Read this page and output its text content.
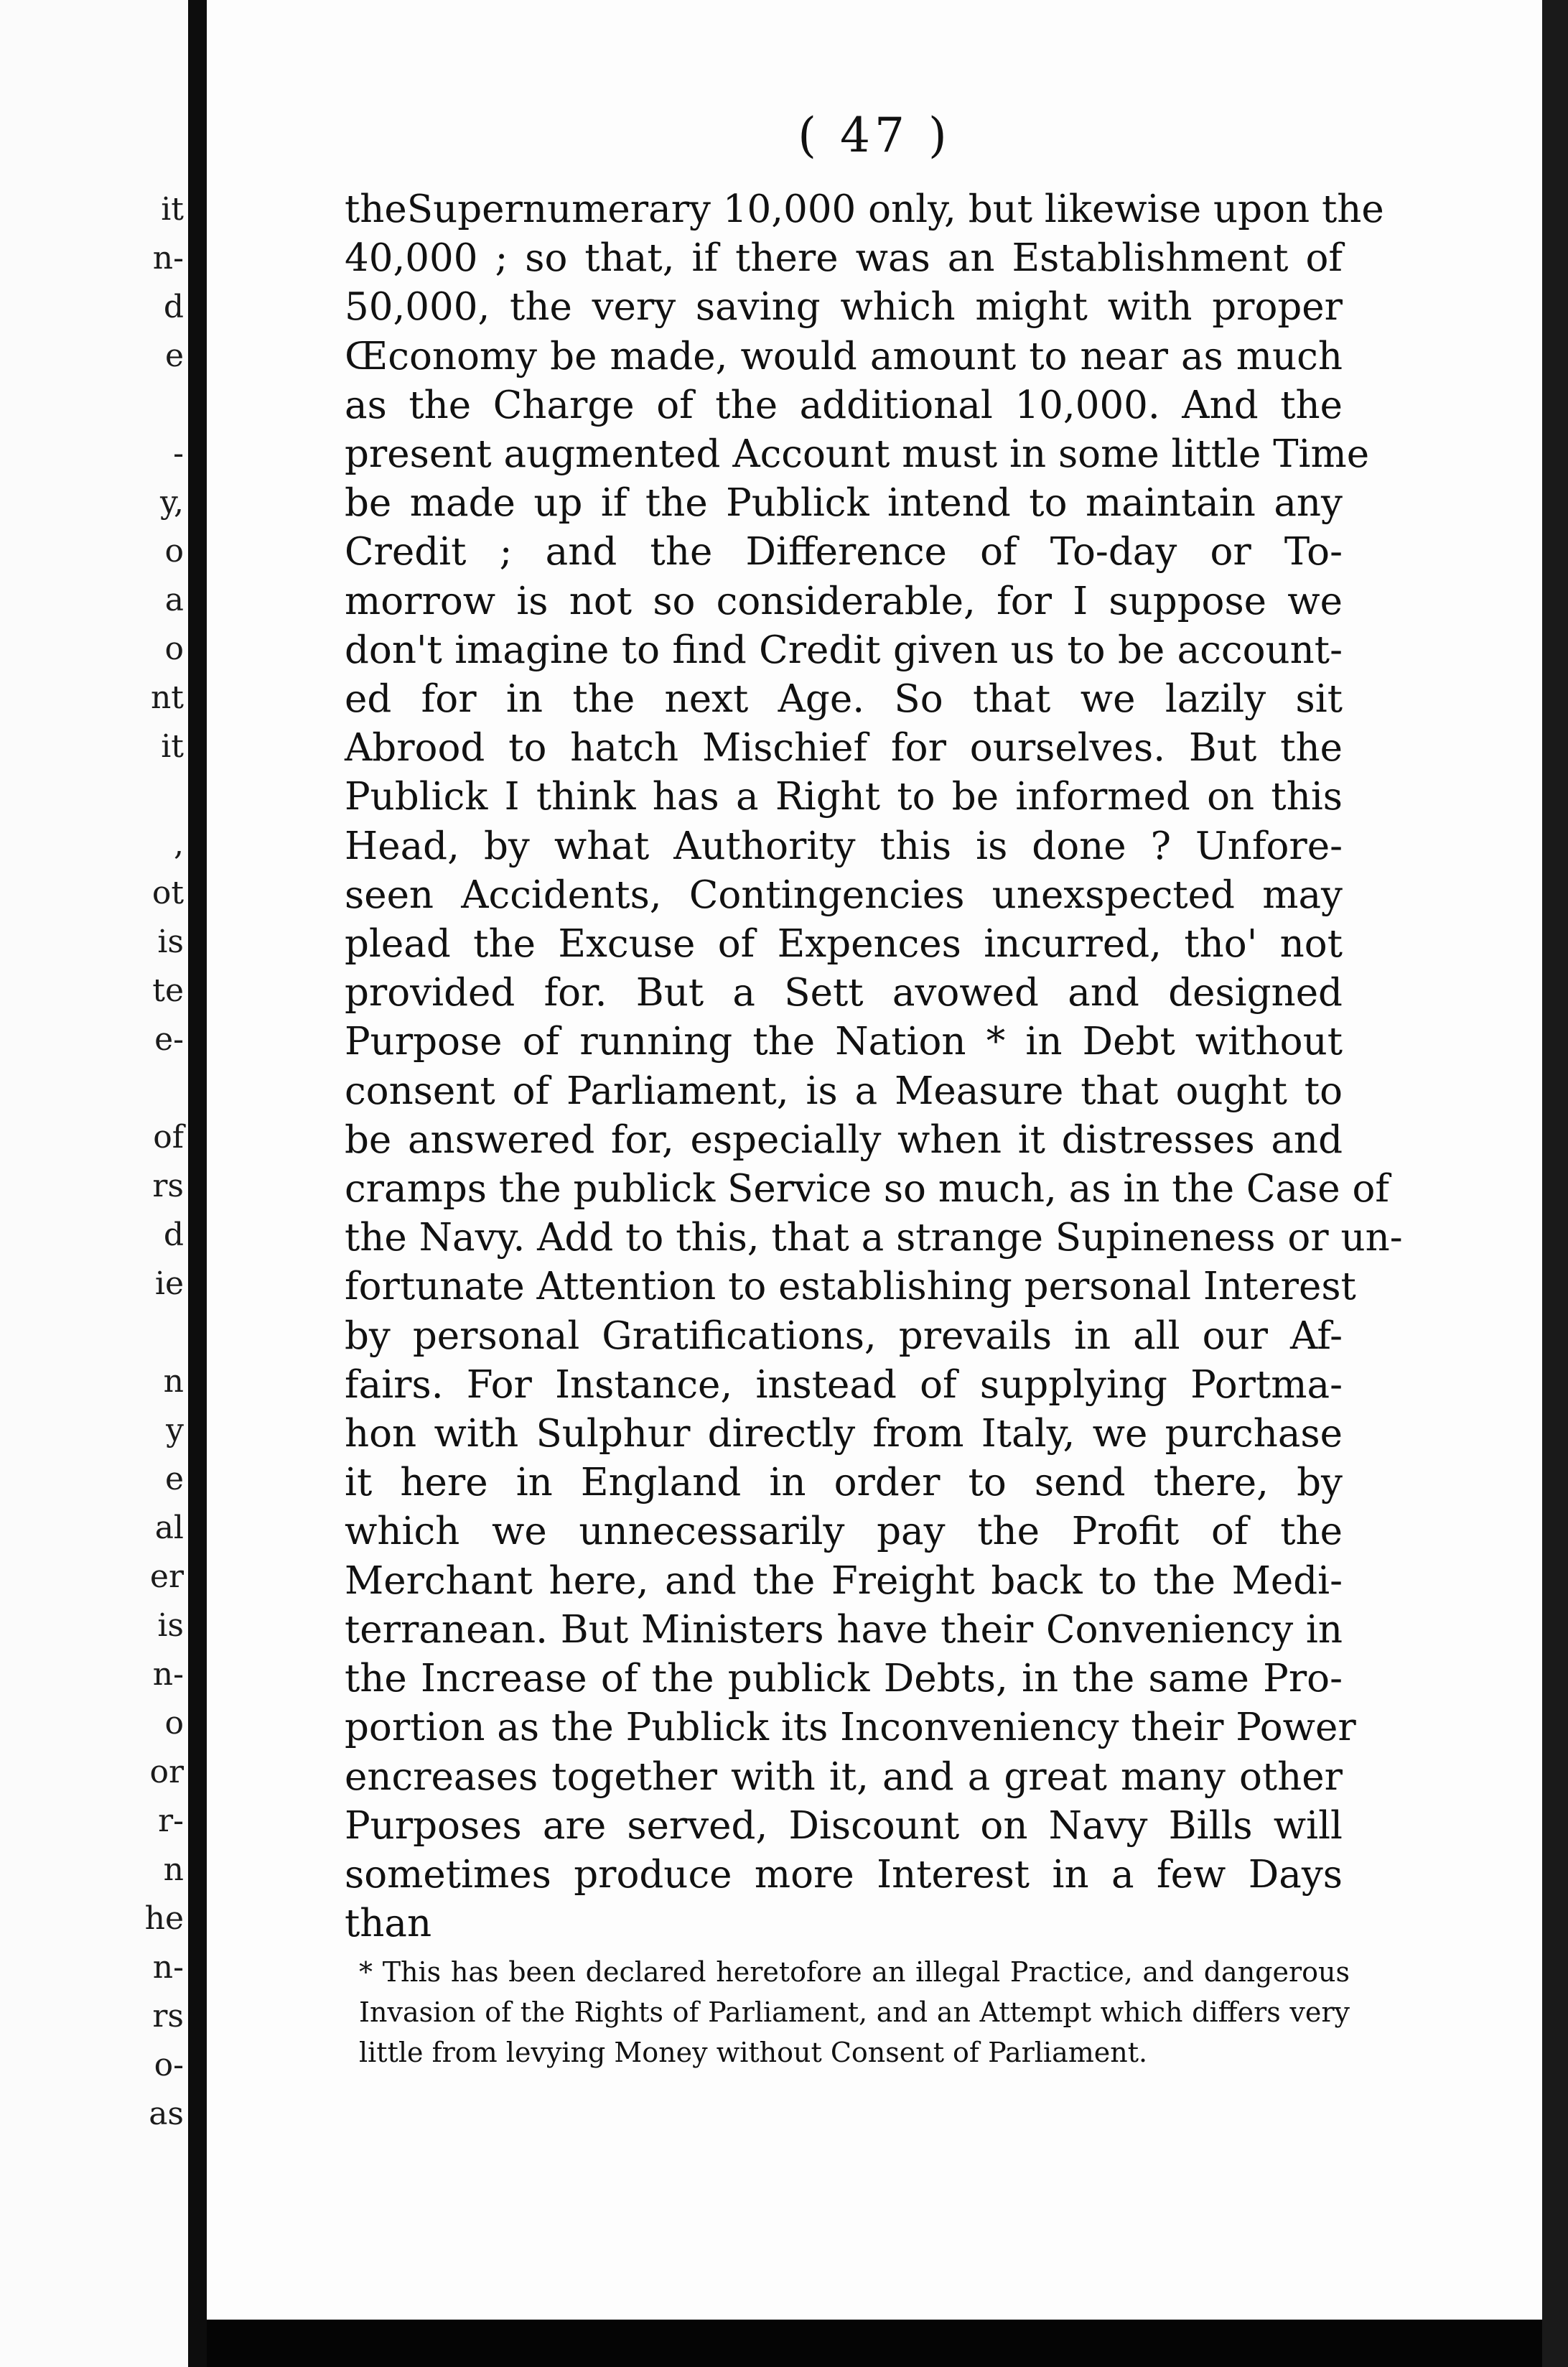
it
n-
d
e

-
y,
o
a
o
nt
it

,
ot
is
te
e-

of
rs
d
ie

n
y
e
al
er
is
n-
o
or
r-
n
he
n-
rs
o-
as
( 47 )
theSupernumerary 10,000 only, but likewise upon the
40,000 ; so that, if there was an Establishment of
50,000, the very saving which might with proper
Œconomy be made, would amount to near as much
as the Charge of the additional 10,000. And the
present augmented Account must in some little Time
be made up if the Publick intend to maintain any
Credit ; and the Difference of To-day or To-
morrow is not so considerable, for I suppose we
don't imagine to find Credit given us to be account-
ed for in the next Age. So that we lazily sit
Abrood to hatch Mischief for ourselves. But the
Publick I think has a Right to be informed on this
Head, by what Authority this is done ? Unfore-
seen Accidents, Contingencies unexspected may
plead the Excuse of Expences incurred, tho' not
provided for. But a Sett avowed and designed
Purpose of running the Nation * in Debt without
consent of Parliament, is a Measure that ought to
be answered for, especially when it distresses and
cramps the publick Service so much, as in the Case of
the Navy. Add to this, that a strange Supineness or un-
fortunate Attention to establishing personal Interest
by personal Gratifications, prevails in all our Af-
fairs. For Instance, instead of supplying Portma-
hon with Sulphur directly from Italy, we purchase
it here in England in order to send there, by
which we unnecessarily pay the Profit of the
Merchant here, and the Freight back to the Medi-
terranean. But Ministers have their Conveniency in
the Increase of the publick Debts, in the same Pro-
portion as the Publick its Inconveniency their Power
encreases together with it, and a great many other
Purposes are served, Discount on Navy Bills will
sometimes produce more Interest in a few Days
than
* This has been declared heretofore an illegal Practice, and dangerous Invasion of the Rights of Parliament, and an Attempt which differs very little from levying Money without Consent of Parliament.
